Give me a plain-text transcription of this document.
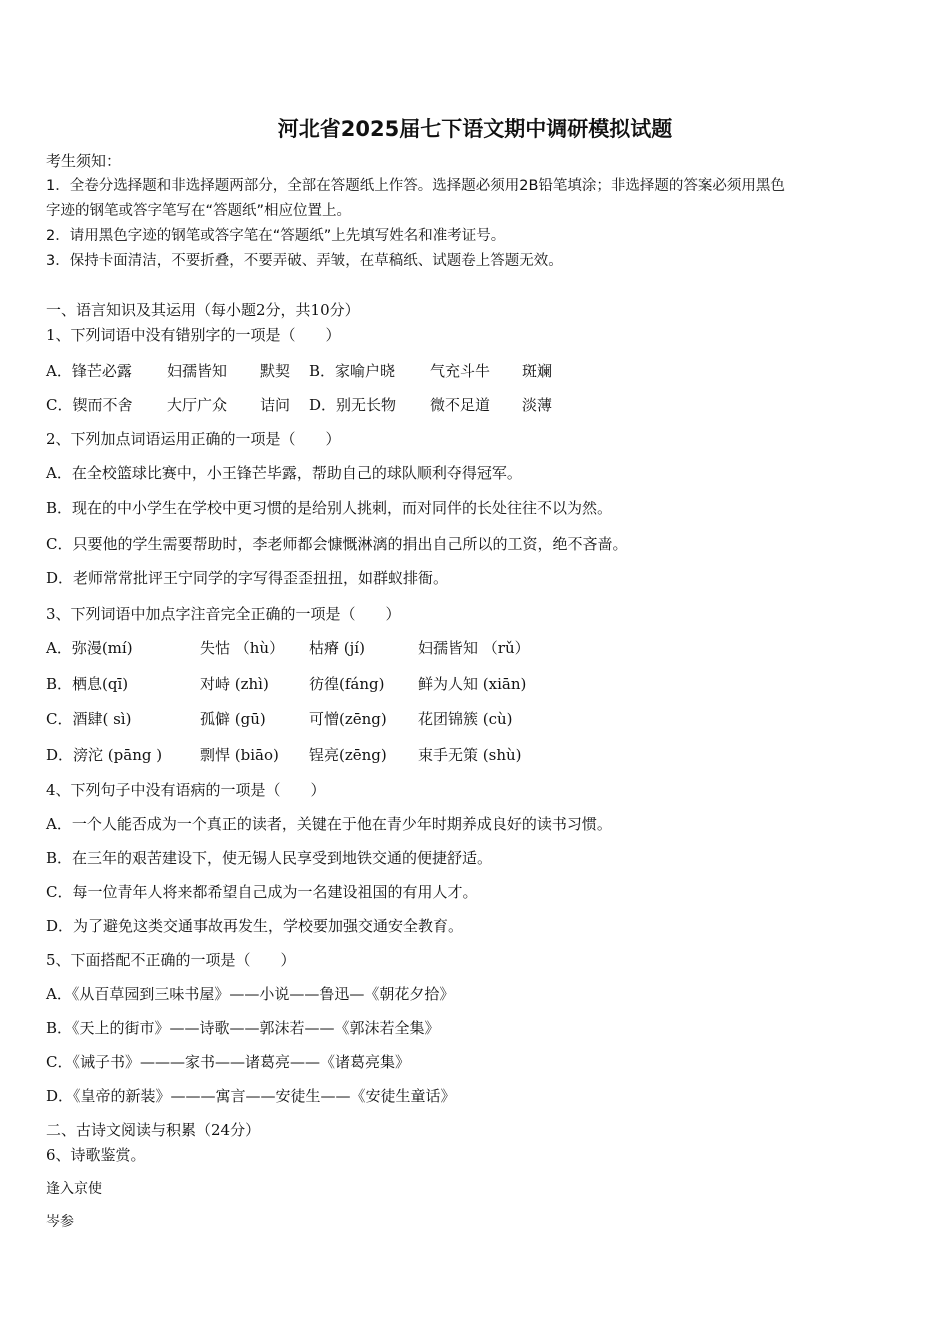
河北省2025届七下语文期中调研模拟试题
考生须知：
1．全卷分选择题和非选择题两部分，全部在答题纸上作答。选择题必须用2B铅笔填涂；非选择题的答案必须用黑色
字迹的钢笔或答字笔写在“答题纸”相应位置上。
2．请用黑色字迹的钢笔或答字笔在“答题纸”上先填写姓名和准考证号。
3．保持卡面清洁，不要折叠，不要弄破、弄皱，在草稿纸、试题卷上答题无效。
一、语言知识及其运用（每小题2分，共10分）
1、下列词语中没有错别字的一项是（　　）
A．锋芒必露 妇孺皆知 默契 B．家喻户晓 气充斗牛 斑斓
C．锲而不舍 大厅广众 诘问 D．别无长物 微不足道 淡薄
2、下列加点词语运用正确的一项是（　　）
A．在全校篮球比赛中，小王锋芒毕露，帮助自己的球队顺利夺得冠军。
B．现在的中小学生在学校中更习惯的是给别人挑刺，而对同伴的长处往往不以为然。
C．只要他的学生需要帮助时，李老师都会慷慨淋漓的捐出自己所以的工资，绝不吝啬。
D．老师常常批评王宁同学的字写得歪歪扭扭，如群蚁排衙。
3、下列词语中加点字注音完全正确的一项是（　　）
A．弥漫(mí)	失怙 （hù） 枯瘠 (jí)	妇孺皆知 （rǔ）
B．栖息(qī)	对峙 (zhì)	彷徨(fáng) 鲜为人知 (xiān)
C．酒肆( sì)	孤僻 (gū)	可憎(zēng) 花团锦簇 (cù)
D．滂沱 (pāng )	剽悍 (biāo) 锃亮(zēng) 束手无策 (shù)
4、下列句子中没有语病的一项是（　　）
A．一个人能否成为一个真正的读者，关键在于他在青少年时期养成良好的读书习惯。
B．在三年的艰苦建设下，使无锡人民享受到地铁交通的便捷舒适。
C．每一位青年人将来都希望自己成为一名建设祖国的有用人才。
D．为了避免这类交通事故再发生，学校要加强交通安全教育。
5、下面搭配不正确的一项是（　　）
A．《从百草园到三味书屋》——小说——鲁迅—《朝花夕拾》
B．《天上的街市》——诗歌——郭沫若——《郭沫若全集》
C．《诫子书》———家书——诸葛亮——《诸葛亮集》
D．《皇帝的新装》———寓言——安徒生——《安徒生童话》
二、古诗文阅读与积累（24分）
6、诗歌鉴赏。
逢入京使
岑参
